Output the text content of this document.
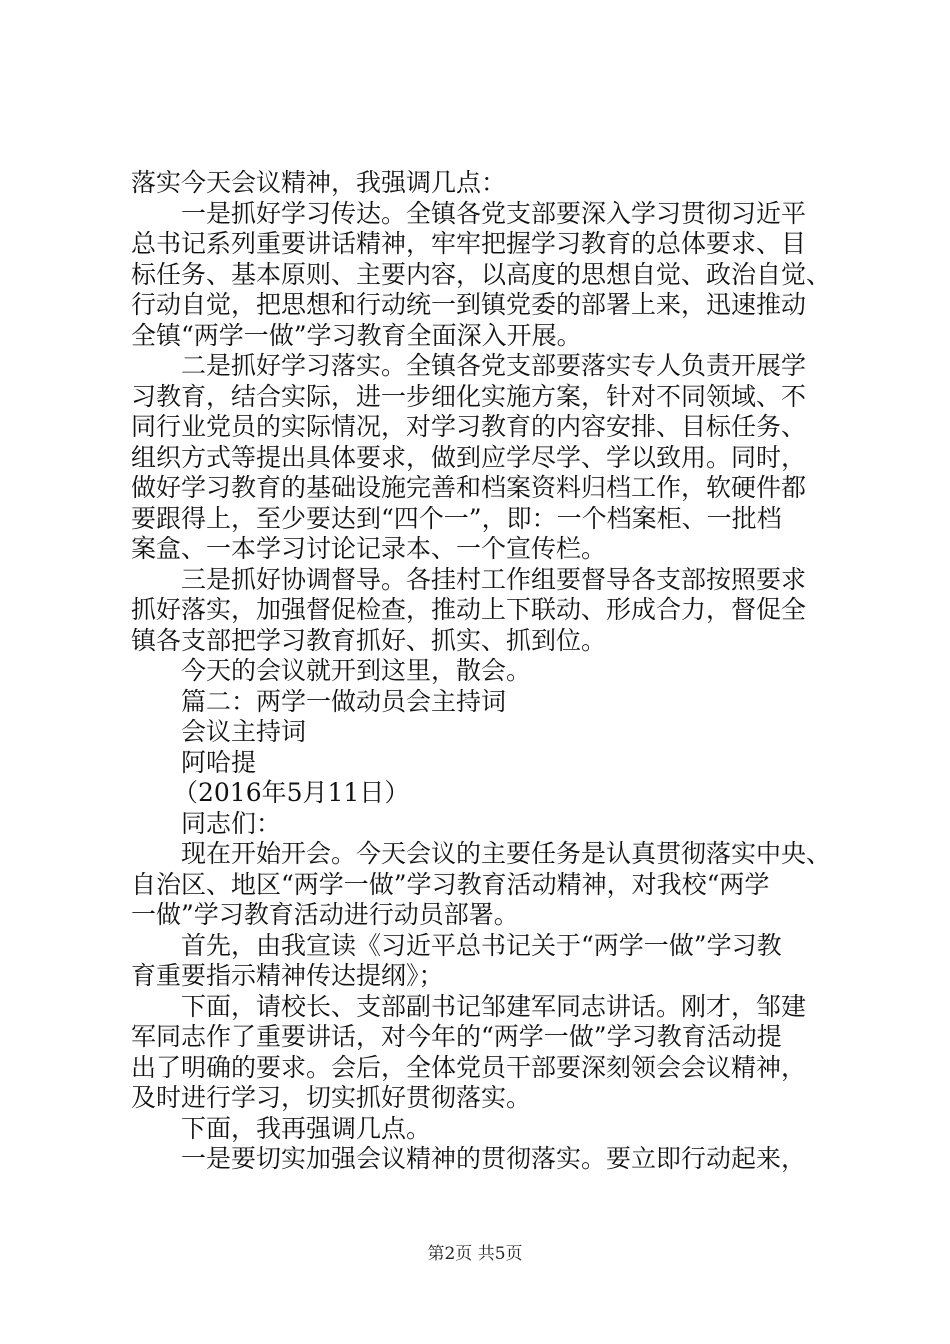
落实今天会议精神，我强调几点：
一是抓好学习传达。全镇各党支部要深入学习贯彻习近平
总书记系列重要讲话精神，牢牢把握学习教育的总体要求、目
标任务、基本原则、主要内容，以高度的思想自觉、政治自觉、
行动自觉，把思想和行动统一到镇党委的部署上来，迅速推动
全镇“两学一做”学习教育全面深入开展。
二是抓好学习落实。全镇各党支部要落实专人负责开展学
习教育，结合实际，进一步细化实施方案，针对不同领域、不
同行业党员的实际情况，对学习教育的内容安排、目标任务、
组织方式等提出具体要求，做到应学尽学、学以致用。同时，
做好学习教育的基础设施完善和档案资料归档工作，软硬件都
要跟得上，至少要达到“四个一”，即：一个档案柜、一批档
案盒、一本学习讨论记录本、一个宣传栏。
三是抓好协调督导。各挂村工作组要督导各支部按照要求
抓好落实，加强督促检查，推动上下联动、形成合力，督促全
镇各支部把学习教育抓好、抓实、抓到位。
今天的会议就开到这里，散会。
篇二：两学一做动员会主持词
会议主持词
阿哈提
（2016年5月11日）
同志们：
现在开始开会。今天会议的主要任务是认真贯彻落实中央、
自治区、地区“两学一做”学习教育活动精神，对我校“两学
一做”学习教育活动进行动员部署。
首先，由我宣读《习近平总书记关于“两学一做”学习教
育重要指示精神传达提纲》；
下面，请校长、支部副书记邹建军同志讲话。刚才，邹建
军同志作了重要讲话，对今年的“两学一做”学习教育活动提
出了明确的要求。会后，全体党员干部要深刻领会会议精神，
及时进行学习，切实抓好贯彻落实。
下面，我再强调几点。
一是要切实加强会议精神的贯彻落实。要立即行动起来，
第2页 共5页
